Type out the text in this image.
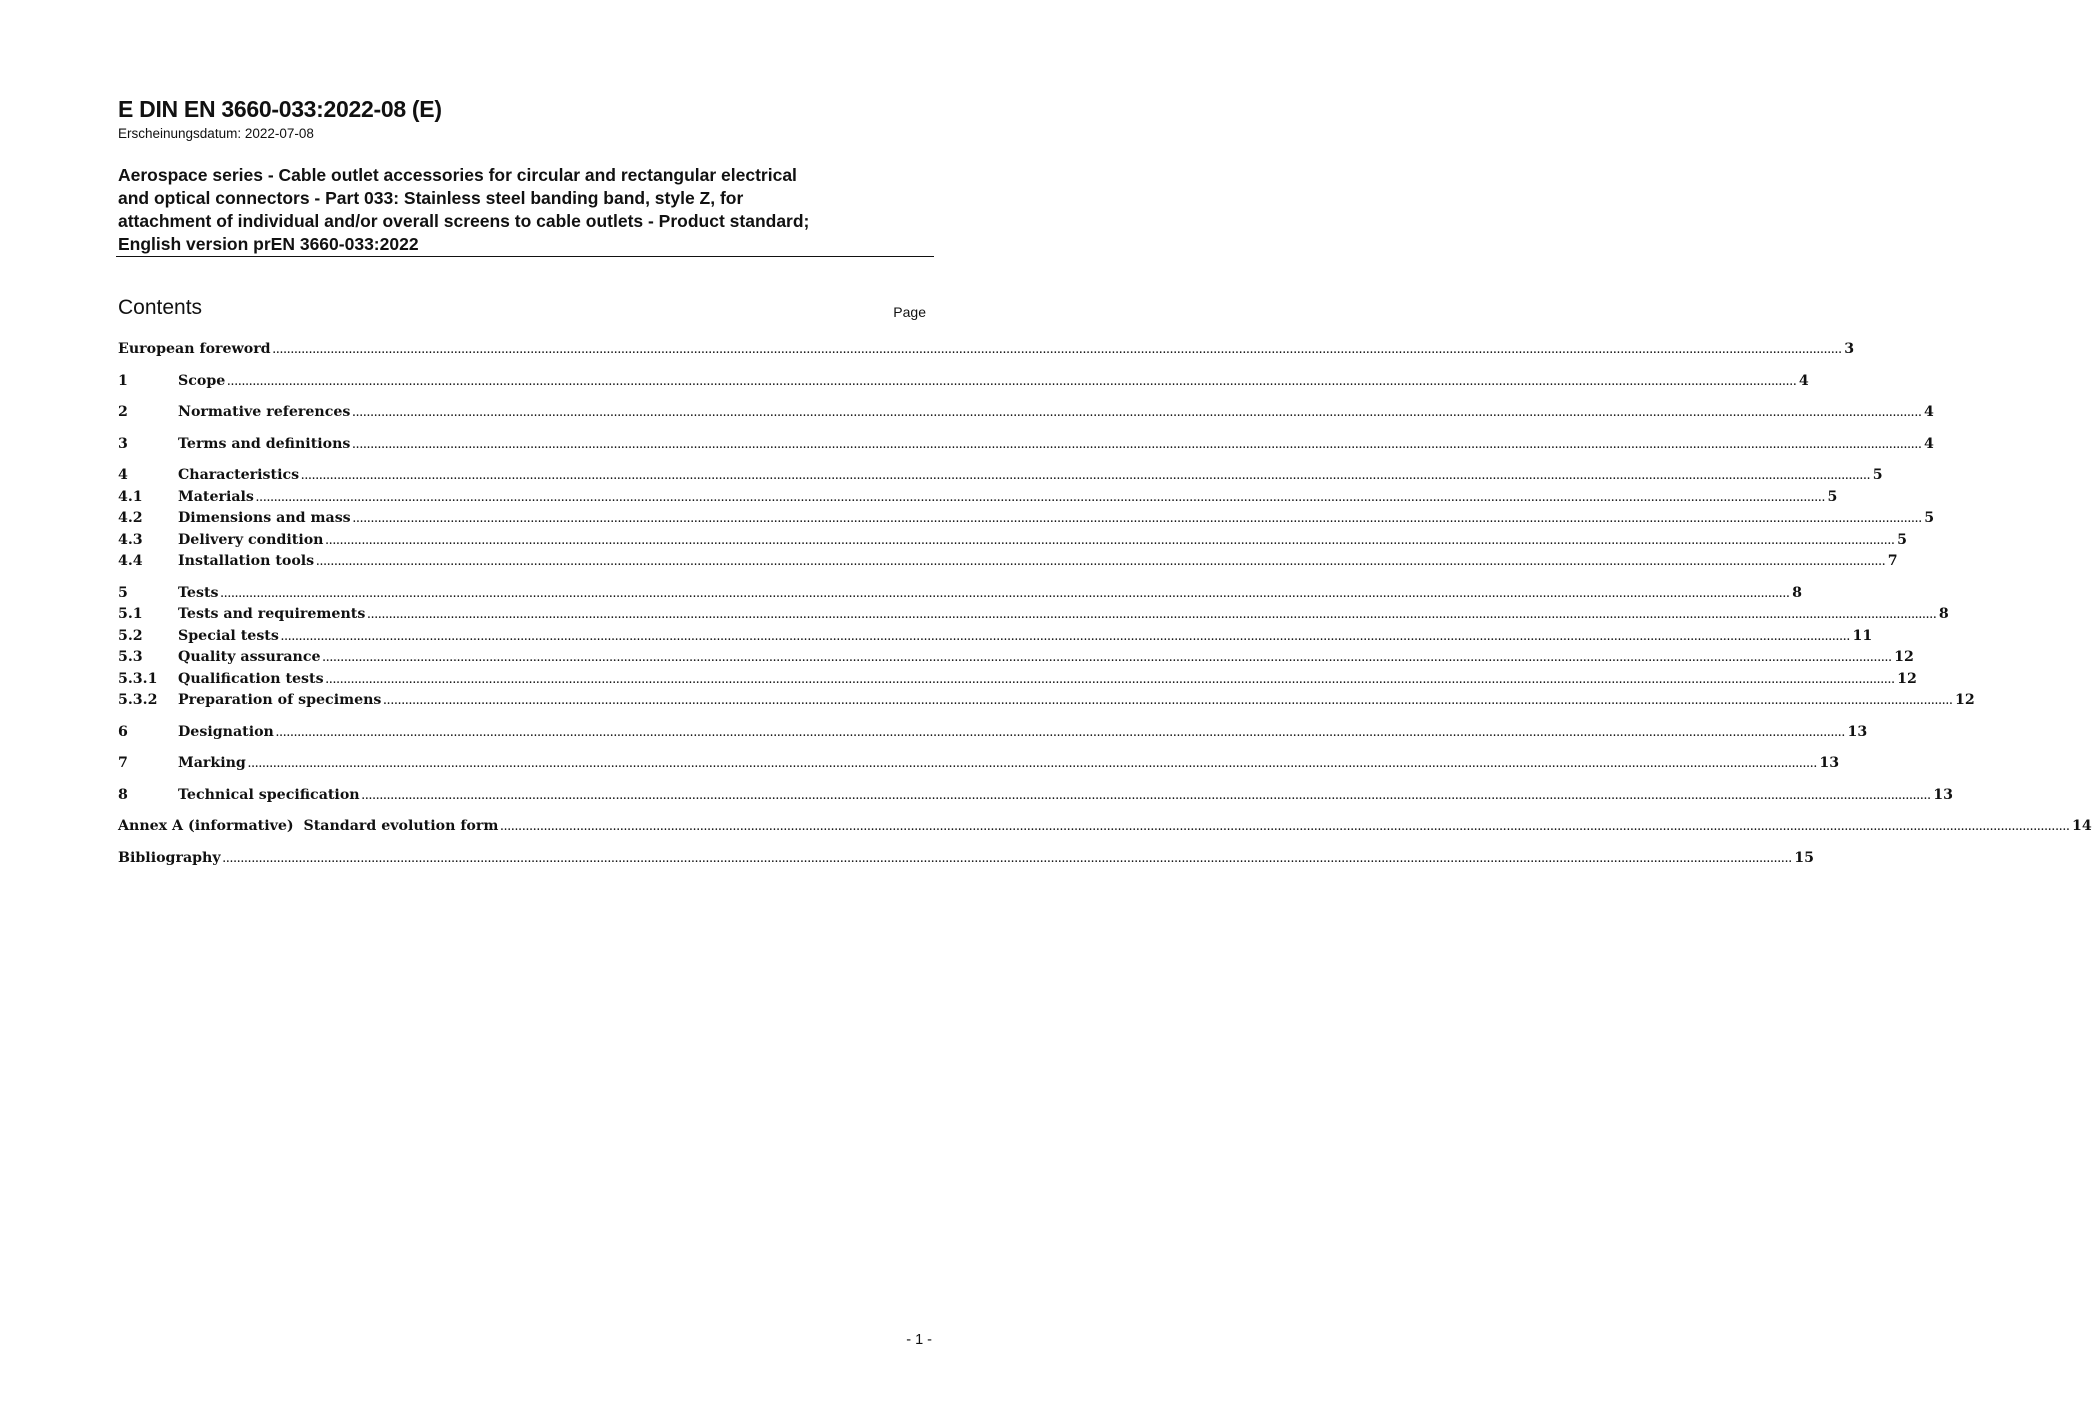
E DIN EN 3660-033:2022-08 (E)

Erscheinungsdatum: 2022-07-08

Aerospace series - Cable outlet accessories for circular and rectangular electrical
and optical connectors - Part 033: Stainless steel banding band, style Z, for
attachment of individual and/or overall screens to cable outlets - Product standard;
English version prEN 3660-033:2022
Contents	Page

European foreword ................................................................................................................................................................................................................................................................................................................................................................................................................................................ 3
1	Scope ................................................................................................................................................................................................................................................................................................................................................................................................................................................ 4
2	Normative references ................................................................................................................................................................................................................................................................................................................................................................................................................................................ 4
3	Terms and definitions ................................................................................................................................................................................................................................................................................................................................................................................................................................................ 4
4	Characteristics ................................................................................................................................................................................................................................................................................................................................................................................................................................................ 5
4.1	Materials ................................................................................................................................................................................................................................................................................................................................................................................................................................................ 5
4.2	Dimensions and mass ................................................................................................................................................................................................................................................................................................................................................................................................................................................ 5
4.3	Delivery condition ................................................................................................................................................................................................................................................................................................................................................................................................................................................ 5
4.4	Installation tools ................................................................................................................................................................................................................................................................................................................................................................................................................................................ 7
5	Tests ................................................................................................................................................................................................................................................................................................................................................................................................................................................ 8
5.1	Tests and requirements ................................................................................................................................................................................................................................................................................................................................................................................................................................................ 8
5.2	Special tests ................................................................................................................................................................................................................................................................................................................................................................................................................................................ 11
5.3	Quality assurance ................................................................................................................................................................................................................................................................................................................................................................................................................................................ 12
5.3.1	Qualification tests ................................................................................................................................................................................................................................................................................................................................................................................................................................................ 12
5.3.2	Preparation of specimens ................................................................................................................................................................................................................................................................................................................................................................................................................................................ 12
6	Designation ................................................................................................................................................................................................................................................................................................................................................................................................................................................ 13
7	Marking ................................................................................................................................................................................................................................................................................................................................................................................................................................................ 13
8	Technical specification ................................................................................................................................................................................................................................................................................................................................................................................................................................................ 13
Annex A (informative)  Standard evolution form ................................................................................................................................................................................................................................................................................................................................................................................................................................................ 14
Bibliography ................................................................................................................................................................................................................................................................................................................................................................................................................................................ 15

- 1 -
